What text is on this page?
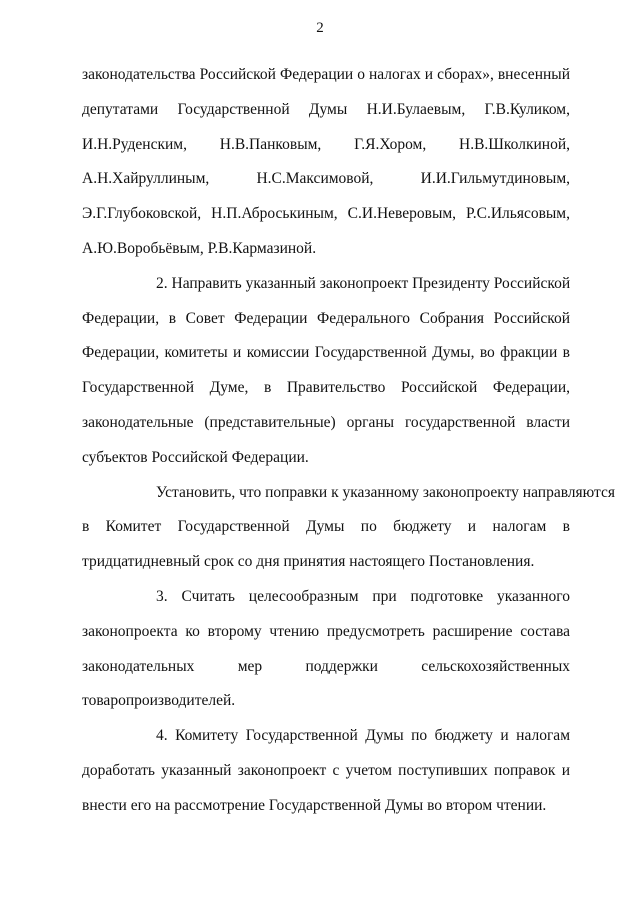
2
законодательства Российской Федерации о налогах и сборах», внесенный
депутатами Государственной Думы Н.И.Булаевым, Г.В.Куликом,
И.Н.Руденским, Н.В.Панковым, Г.Я.Хором, Н.В.Школкиной,
А.Н.Хайруллиным, Н.С.Максимовой, И.И.Гильмутдиновым,
Э.Г.Глубоковской, Н.П.Аброськиным, С.И.Неверовым, Р.С.Ильясовым,
А.Ю.Воробьёвым, Р.В.Кармазиной.
2. Направить указанный законопроект Президенту Российской
Федерации, в Совет Федерации Федерального Собрания Российской
Федерации, комитеты и комиссии Государственной Думы, во фракции в
Государственной Думе, в Правительство Российской Федерации,
законодательные (представительные) органы государственной власти
субъектов Российской Федерации.
Установить, что поправки к указанному законопроекту направляются
в Комитет Государственной Думы по бюджету и налогам в
тридцатидневный срок со дня принятия настоящего Постановления.
3. Считать целесообразным при подготовке указанного
законопроекта ко второму чтению предусмотреть расширение состава
законодательных мер поддержки сельскохозяйственных
товаропроизводителей.
4. Комитету Государственной Думы по бюджету и налогам
доработать указанный законопроект с учетом поступивших поправок и
внести его на рассмотрение Государственной Думы во втором чтении.
